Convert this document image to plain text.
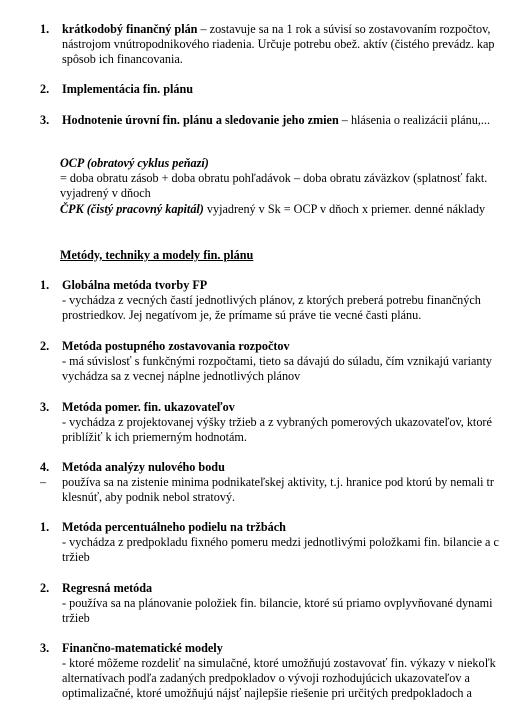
1. krátkodobý finančný plán – zostavuje sa na 1 rok a súvisí so zostavovaním rozpočtov,
nástrojom vnútropodnikového riadenia. Určuje potrebu obež. aktív (čistého prevádz. kap
spôsob ich financovania.
2. Implementácia fin. plánu
3. Hodnotenie úrovní fin. plánu a sledovanie jeho zmien – hlásenia o realizácii plánu,...
OCP (obratový cyklus peňazí)
= doba obratu zásob + doba obratu pohľadávok – doba obratu záväzkov (splatnosť fakt.
vyjadrený v dňoch
ČPK (čistý pracovný kapitál) vyjadrený v Sk = OCP v dňoch x priemer. denné náklady
Metódy, techniky a modely fin. plánu
1. Globálna metóda tvorby FP
- vychádza z vecných častí jednotlivých plánov, z ktorých preberá potrebu finančných
prostriedkov. Jej negatívom je, že prímame sú práve tie vecné časti plánu.
2. Metóda postupného zostavovania rozpočtov
- má súvislosť s funkčnými rozpočtami, tieto sa dávajú do súladu, čím vznikajú varianty
vychádza sa z vecnej náplne jednotlivých plánov
3. Metóda pomer. fin. ukazovateľov
- vychádza z projektovanej výšky tržieb a z vybraných pomerových ukazovateľov, ktoré
priblížiť k ich priemerným hodnotám.
4. Metóda analýzy nulového bodu
– používa sa na zistenie minima podnikateľskej aktivity, t.j. hranice pod ktorú by nemali tr
klesnúť, aby podnik nebol stratový.
1. Metóda percentuálneho podielu na tržbách
- vychádza z predpokladu fixného pomeru medzi jednotlivými položkami fin. bilancie a c
tržieb
2. Regresná metóda
- používa sa na plánovanie položiek fin. bilancie, ktoré sú priamo ovplyvňované dynami
tržieb
3. Finančno-matematické modely
- ktoré môžeme rozdeliť na simulačné, ktoré umožňujú zostavovať fin. výkazy v niekoľk
alternatívach podľa zadaných predpokladov o vývoji rozhodujúcich ukazovateľov a
optimalizačné, ktoré umožňujú nájsť najlepšie riešenie pri určitých predpokladoch a
